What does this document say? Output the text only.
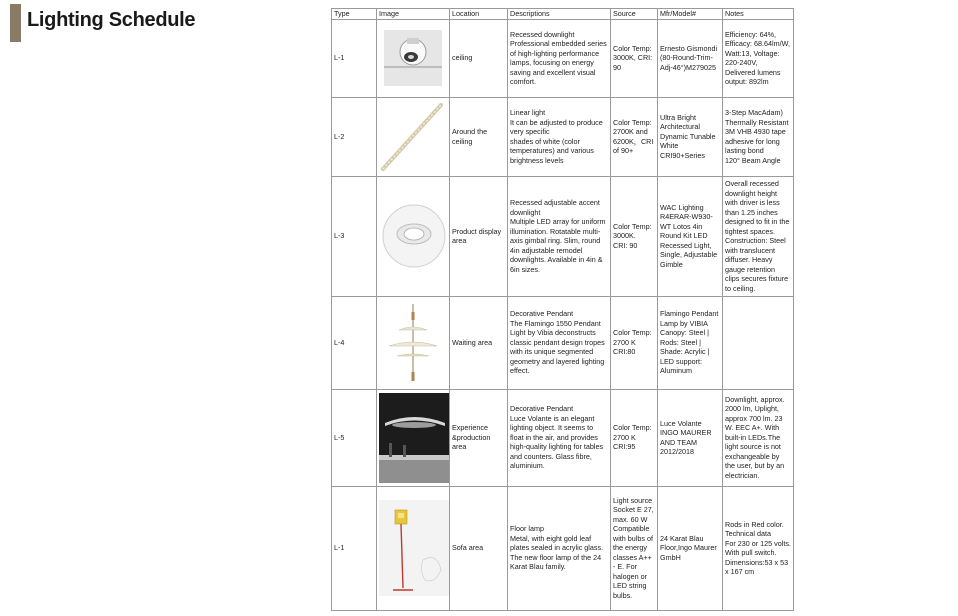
Lighting Schedule	Type	Image	Location	Descriptions	Source	Mfr/Model#	Notes
L-1		ceiling	Recessed downlight
Professional embedded series of high-lighting performance lamps, focusing on energy saving and excellent visual comfort.	Color Temp: 3000K, CRI: 90	Ernesto Gismondi (80-Round-Trim-Adj-46°)M279025	Efficiency: 64%,
Efficacy: 68.64lm/W,
Watt:13, Voltage: 220-240V,
Delivered lumens output: 892lm
L-2		Around the ceiling	Linear light
It can be adjusted to produce very specific
shades of white (color temperatures) and various brightness levels	Color Temp: 2700K and 6200K，CRI of 90+	Ultra Bright Architectural Dynamic Tunable White
CRI90+Series	3-Step MacAdam)
Thermally Resistant 3M VHB 4930 tape adhesive for long lasting bond
120° Beam Angle
L-3		Product display area	Recessed adjustable accent downlight
Multiple LED array for uniform illumination. Rotatable multi-axis gimbal ring. Slim, round 4in adjustable remodel downlights. Available in 4in & 6in sizes.	Color Temp: 3000K.
CRI: 90	WAC Lighting R4ERAR-W930-WT Lotos 4in Round Kit LED Recessed Light, Single, Adjustable Gimble	Overall recessed downlight height with driver is less than 1.25 inches designed to fit in the tightest spaces. Construction: Steel with translucent diffuser. Heavy gauge retention clips secures fixture to ceiling.
L-4		Waiting area	Decorative Pendant
The Flamingo 1550 Pendant Light by Vibia deconstructs classic pendant design tropes with its unique segmented geometry and layered lighting effect.	Color Temp: 2700 K
CRI:80	Flamingo Pendant Lamp by VIBIA
Canopy: Steel | Rods: Steel | Shade: Acrylic | LED support: Aluminum	
L-5		Experience &production area	Decorative Pendant
Luce Volante is an elegant lighting object. It seems to float in the air, and provides high-quality lighting for tables and counters. Glass fibre, aluminium.	Color Temp: 2700 K
CRI:95	Luce Volante
INGO MAURER AND TEAM
2012/2018	Downlight, approx. 2000 lm, Uplight, approx 700 lm. 23 W. EEC A+. With built-in LEDs.The light source is not exchangeable by the user, but by an electrician.
L-1		Sofa area	Floor lamp
Metal, with eight gold leaf plates sealed in acrylic glass. The new floor lamp of the 24 Karat Blau family.	Light source Socket E 27, max. 60 W Compatible with bulbs of the energy classes A++ - E. For halogen or LED string bulbs.	24 Karat Blau Floor,Ingo Maurer GmbH	Rods in Red color.
Technical data
For 230 or 125 volts. With pull switch.
Dimensions:53 x 53 x 167 cm
